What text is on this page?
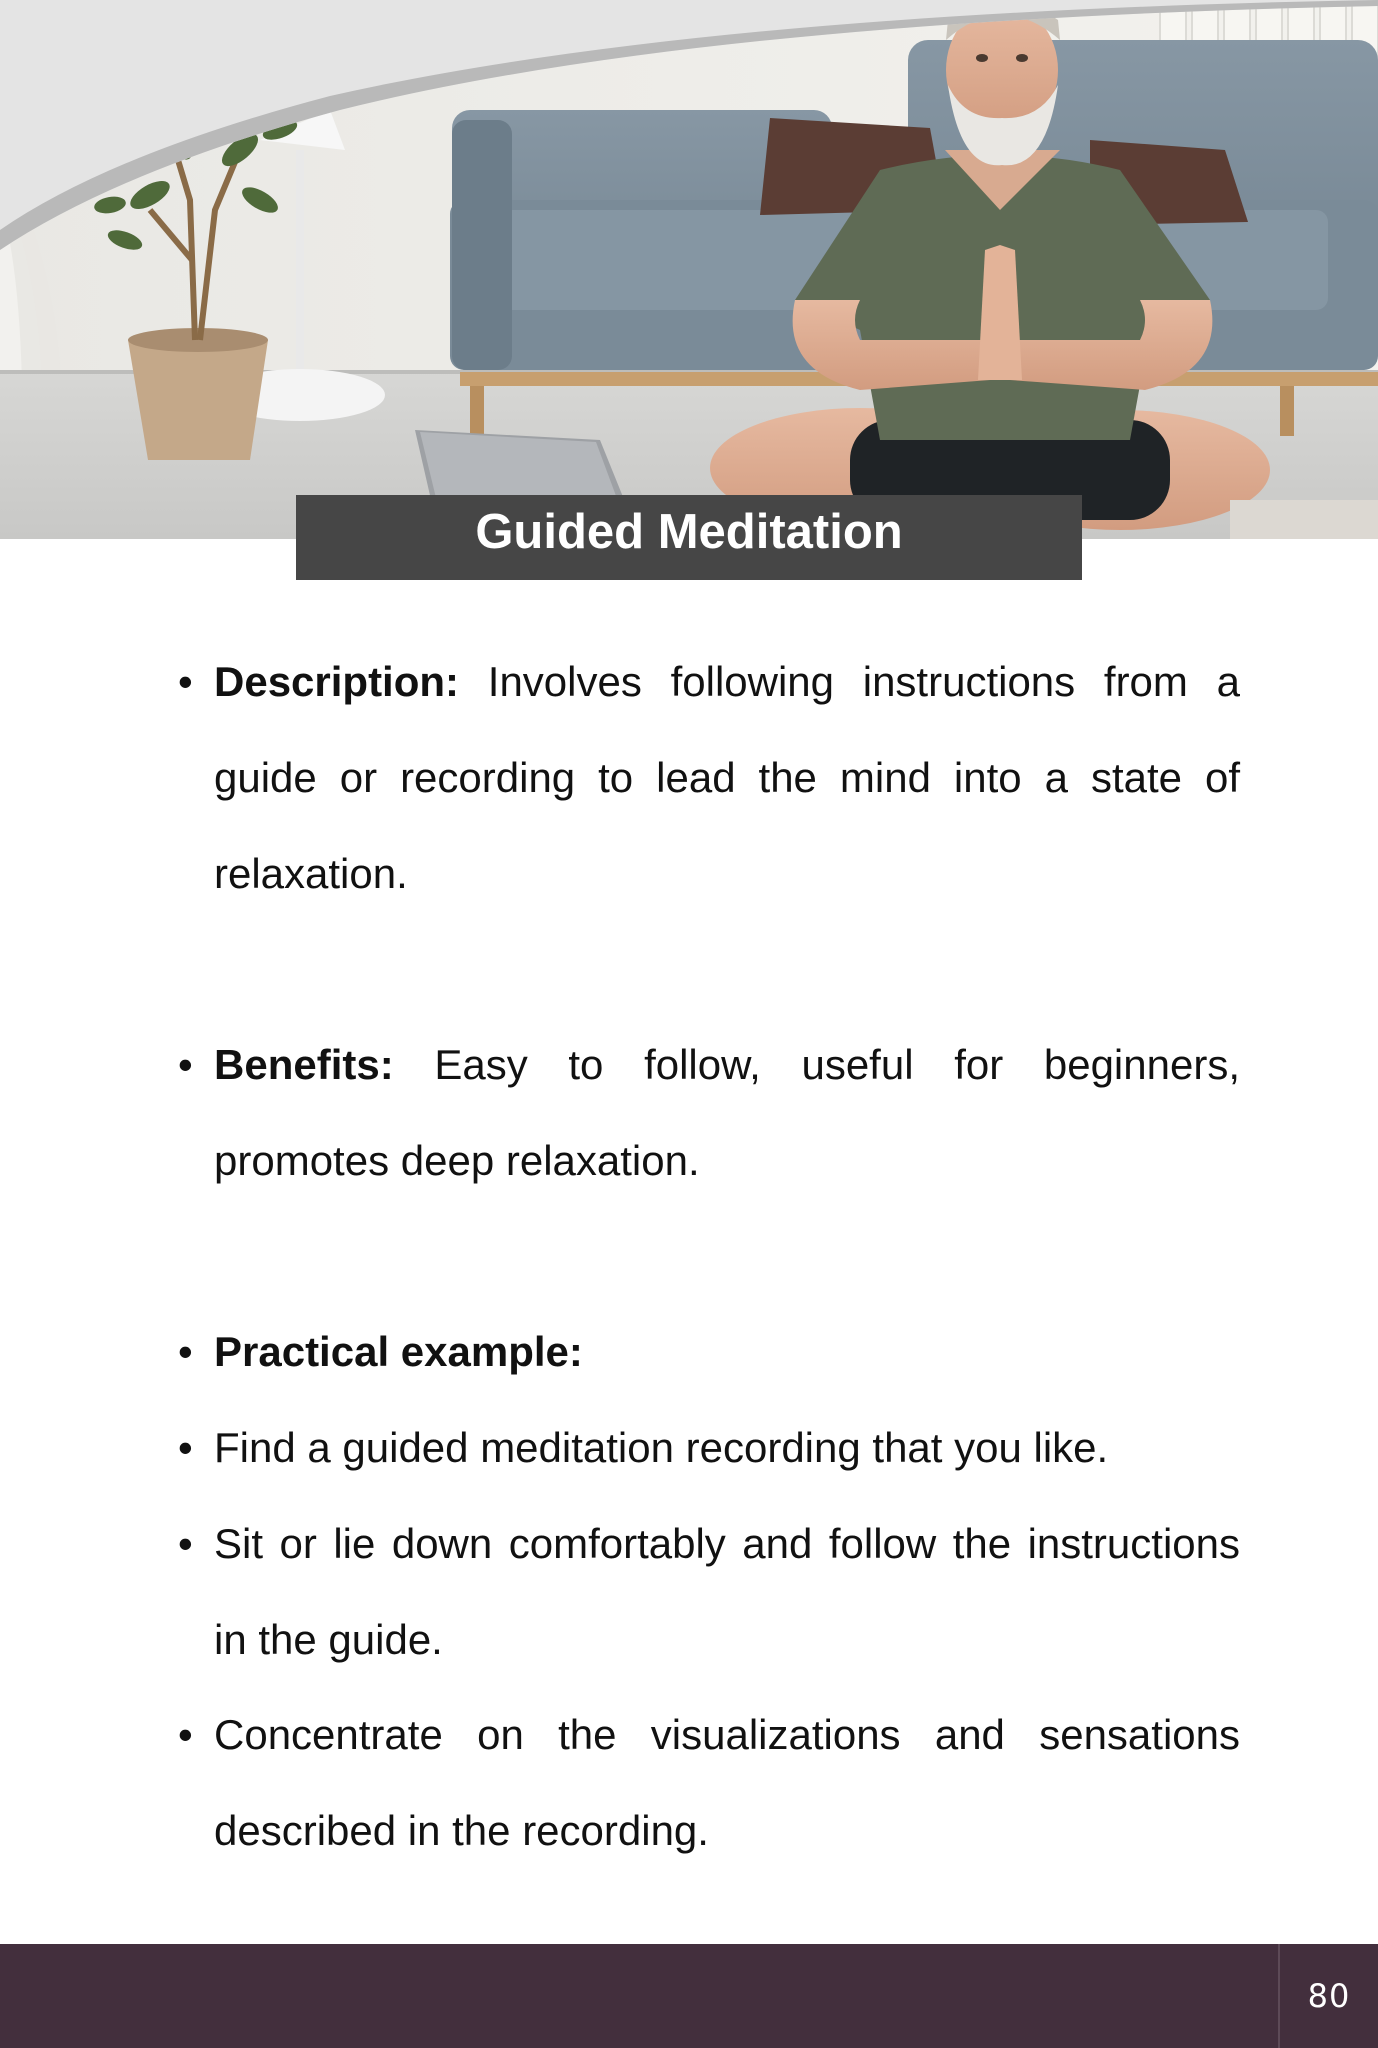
Guided Meditation
• Description: Involves following instructions from a guide or recording to lead the mind into a state of relaxation.
• Benefits: Easy to follow, useful for beginners, promotes deep relaxation.
• Practical example:
• Find a guided meditation recording that you like.
• Sit or lie down comfortably and follow the instructions in the guide.
• Concentrate on the visualizations and sensations described in the recording.
80
